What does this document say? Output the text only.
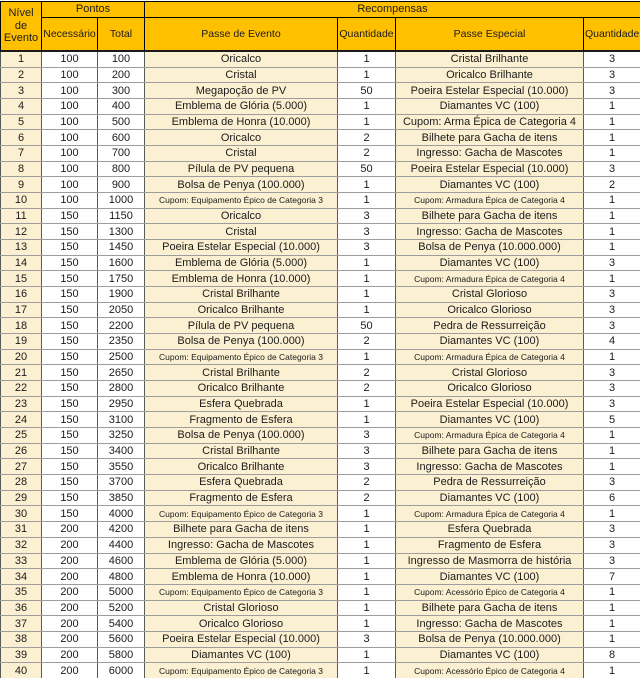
Nível de Evento	Pontos		Recompensas			
	Necessário	Total	Passe de Evento	Quantidade	Passe Especial	Quantidade
1	100	100	Oricalco	1	Cristal Brilhante	3
2	100	200	Cristal	1	Oricalco Brilhante	3
3	100	300	Megapoção de PV	50	Poeira Estelar Especial (10.000)	3
4	100	400	Emblema de Glória (5.000)	1	Diamantes VC (100)	1
5	100	500	Emblema de Honra (10.000)	1	Cupom: Arma Épica de Categoria 4	1
6	100	600	Oricalco	2	Bilhete para Gacha de itens	1
7	100	700	Cristal	2	Ingresso: Gacha de Mascotes	1
8	100	800	Pílula de PV pequena	50	Poeira Estelar Especial (10.000)	3
9	100	900	Bolsa de Penya (100.000)	1	Diamantes VC (100)	2
10	100	1000	Cupom: Equipamento Épico de Categoria 3	1	Cupom: Armadura Épica de Categoria 4	1
11	150	1150	Oricalco	3	Bilhete para Gacha de itens	1
12	150	1300	Cristal	3	Ingresso: Gacha de Mascotes	1
13	150	1450	Poeira Estelar Especial (10.000)	3	Bolsa de Penya (10.000.000)	1
14	150	1600	Emblema de Glória (5.000)	1	Diamantes VC (100)	3
15	150	1750	Emblema de Honra (10.000)	1	Cupom: Armadura Épica de Categoria 4	1
16	150	1900	Cristal Brilhante	1	Cristal Glorioso	3
17	150	2050	Oricalco Brilhante	1	Oricalco Glorioso	3
18	150	2200	Pílula de PV pequena	50	Pedra de Ressurreição	3
19	150	2350	Bolsa de Penya (100.000)	2	Diamantes VC (100)	4
20	150	2500	Cupom: Equipamento Épico de Categoria 3	1	Cupom: Armadura Épica de Categoria 4	1
21	150	2650	Cristal Brilhante	2	Cristal Glorioso	3
22	150	2800	Oricalco Brilhante	2	Oricalco Glorioso	3
23	150	2950	Esfera Quebrada	1	Poeira Estelar Especial (10.000)	3
24	150	3100	Fragmento de Esfera	1	Diamantes VC (100)	5
25	150	3250	Bolsa de Penya (100.000)	3	Cupom: Armadura Épica de Categoria 4	1
26	150	3400	Cristal Brilhante	3	Bilhete para Gacha de itens	1
27	150	3550	Oricalco Brilhante	3	Ingresso: Gacha de Mascotes	1
28	150	3700	Esfera Quebrada	2	Pedra de Ressurreição	3
29	150	3850	Fragmento de Esfera	2	Diamantes VC (100)	6
30	150	4000	Cupom: Equipamento Épico de Categoria 3	1	Cupom: Armadura Épica de Categoria 4	1
31	200	4200	Bilhete para Gacha de itens	1	Esfera Quebrada	3
32	200	4400	Ingresso: Gacha de Mascotes	1	Fragmento de Esfera	3
33	200	4600	Emblema de Glória (5.000)	1	Ingresso de Masmorra de história	3
34	200	4800	Emblema de Honra (10.000)	1	Diamantes VC (100)	7
35	200	5000	Cupom: Equipamento Épico de Categoria 3	1	Cupom: Acessório Épico de Categoria 4	1
36	200	5200	Cristal Glorioso	1	Bilhete para Gacha de itens	1
37	200	5400	Oricalco Glorioso	1	Ingresso: Gacha de Mascotes	1
38	200	5600	Poeira Estelar Especial (10.000)	3	Bolsa de Penya (10.000.000)	1
39	200	5800	Diamantes VC (100)	1	Diamantes VC (100)	8
40	200	6000	Cupom: Equipamento Épico de Categoria 3	1	Cupom: Acessório Épico de Categoria 4	1
